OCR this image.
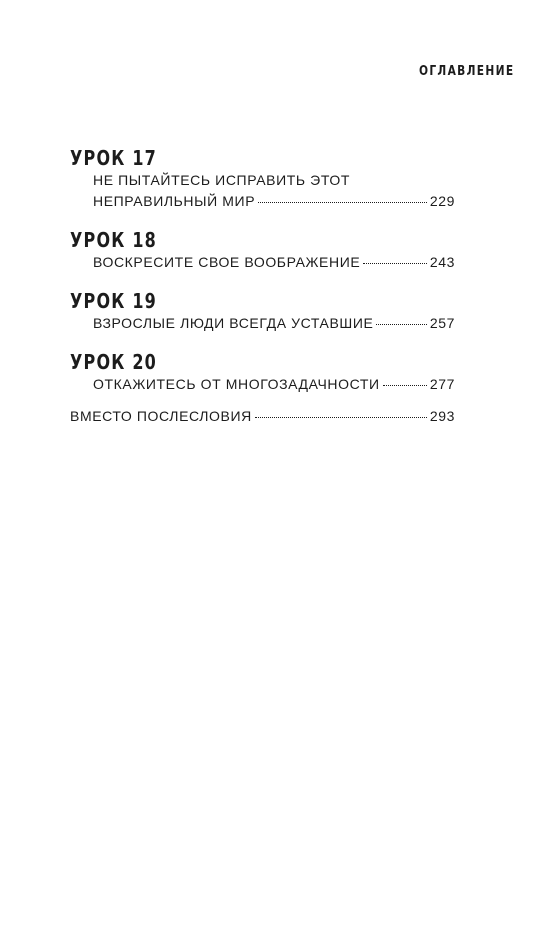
ОГЛАВЛЕНИЕ
УРОК 17
НЕ ПЫТАЙТЕСЬ ИСПРАВИТЬ ЭТОТ
НЕПРАВИЛЬНЫЙ МИР	229
УРОК 18
ВОСКРЕСИТЕ СВОЕ ВООБРАЖЕНИЕ	243
УРОК 19
ВЗРОСЛЫЕ ЛЮДИ ВСЕГДА УСТАВШИЕ	257
УРОК 20
ОТКАЖИТЕСЬ ОТ МНОГОЗАДАЧНОСТИ	277
ВМЕСТО ПОСЛЕСЛОВИЯ	293
